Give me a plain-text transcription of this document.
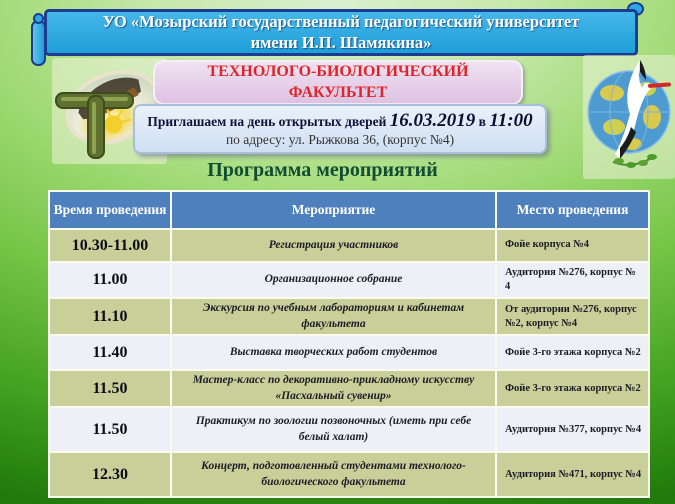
УО «Мозырский государственный педагогический университет
имени И.П. Шамякина»
ТЕХНОЛОГО-БИОЛОГИЧЕСКИЙ
ФАКУЛЬТЕТ
Приглашаем на день открытых дверей 16.03.2019 в 11:00
по адресу: ул. Рыжкова 36, (корпус №4)
Программа мероприятий
Время проведения	Мероприятие	Место проведения
10.30-11.00	Регистрация участников	Фойе корпуса №4
11.00	Организационное собрание	Аудитория №276, корпус № 4
11.10	Экскурсия по учебным лабораториям и кабинетам факультета	От аудитории №276, корпус №2, корпус №4
11.40	Выставка творческих работ студентов	Фойе 3-го этажа корпуса №2
11.50	Мастер-класс по декоративно-прикладному искусству «Пасхальный сувенир»	Фойе 3-го этажа корпуса №2
11.50	Практикум по зоологии позвоночных (иметь при себе белый халат)	Аудитория №377, корпус №4
12.30	Концерт, подготовленный студентами технолого-биологического факультета	Аудитория №471, корпус №4
